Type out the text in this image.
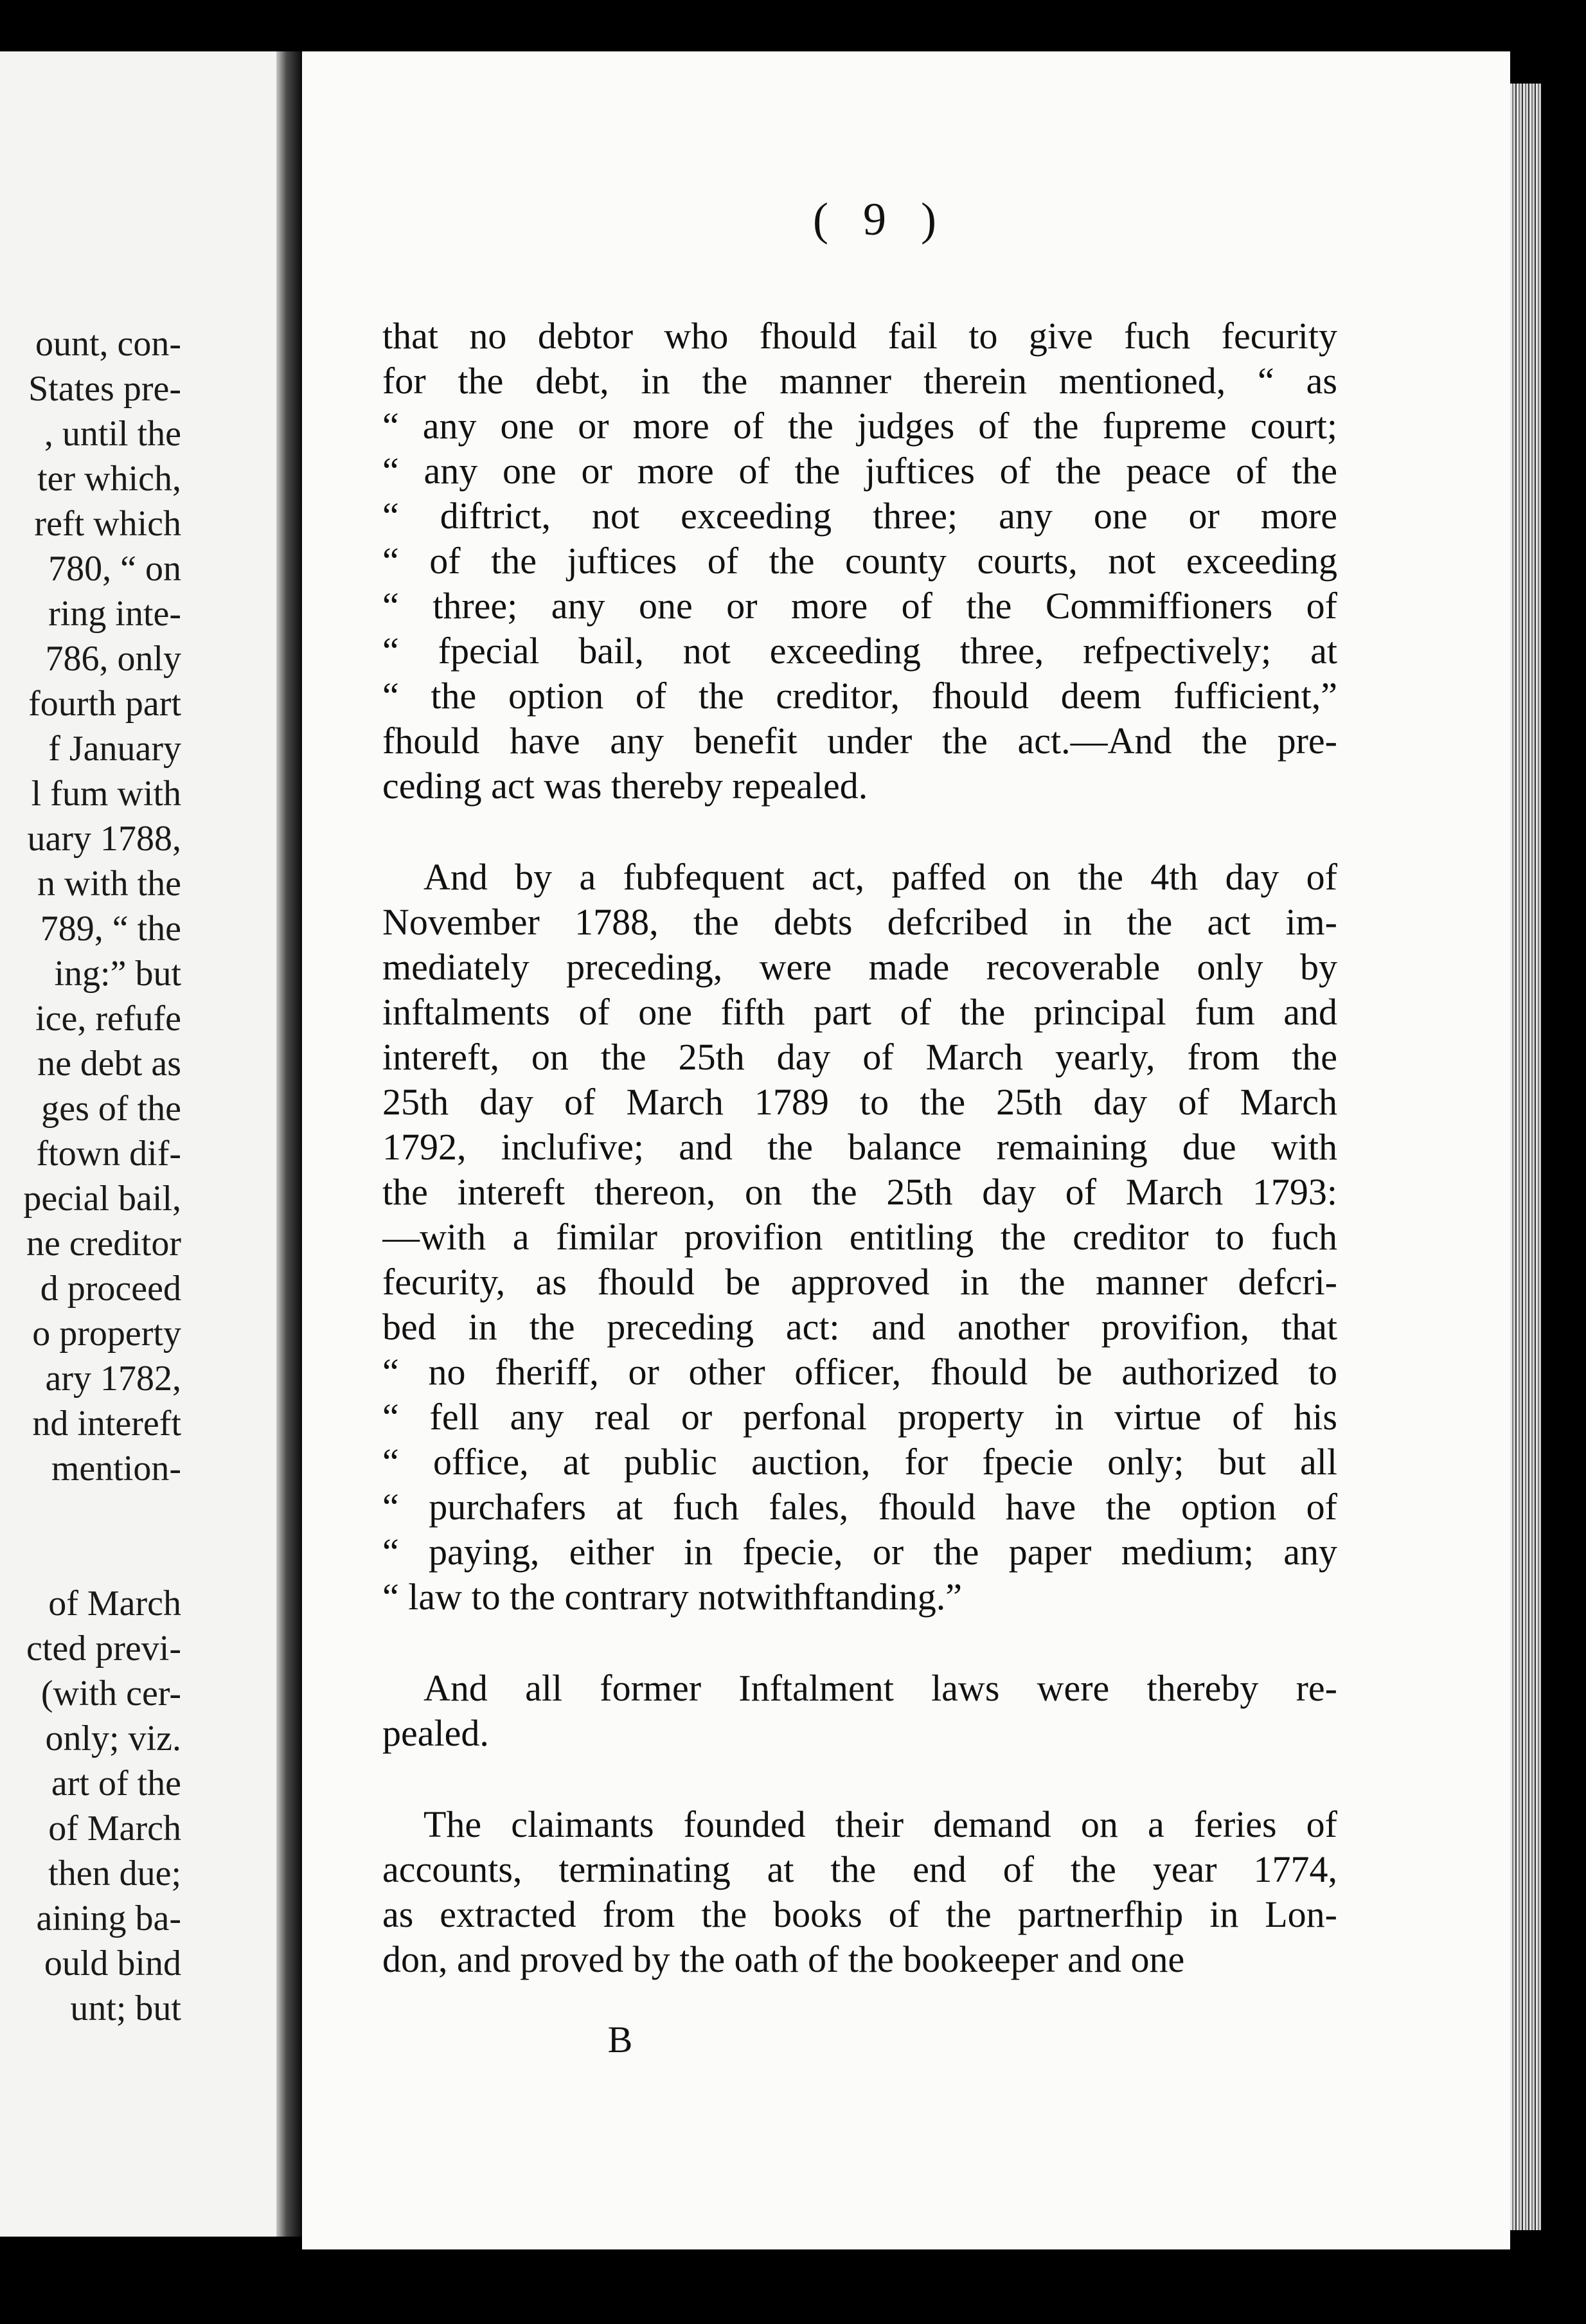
ount, con-
States pre-
, until the
ter which,
reft which
780, “ on
ring inte-
786, only
fourth part
f January
l fum with
uary 1788,
n with the
789, “ the
ing:” but
ice, refufe
ne debt as
ges of the
ftown dif-
pecial bail,
ne creditor
d proceed
o property
ary 1782,
nd intereft
mention-
of March
cted previ-
(with cer-
only; viz.
art of the
of March
then due;
aining ba-
ould bind
unt; but
( 9 )
that no debtor who fhould fail to give fuch fecurity
for the debt, in the manner therein mentioned, “ as
“ any one or more of the judges of the fupreme court;
“ any one or more of the juftices of the peace of the
“ diftrict, not exceeding three; any one or more
“ of the juftices of the county courts, not exceeding
“ three; any one or more of the Commiffioners of
“ fpecial bail, not exceeding three, refpectively; at
“ the option of the creditor, fhould deem fufficient,”
fhould have any benefit under the act.—And the pre-
ceding act was thereby repealed.
And by a fubfequent act, paffed on the 4th day of
November 1788, the debts defcribed in the act im-
mediately preceding, were made recoverable only by
inftalments of one fifth part of the principal fum and
intereft, on the 25th day of March yearly, from the
25th day of March 1789 to the 25th day of March
1792, inclufive; and the balance remaining due with
the intereft thereon, on the 25th day of March 1793:
—with a fimilar provifion entitling the creditor to fuch
fecurity, as fhould be approved in the manner defcri-
bed in the preceding act: and another provifion, that
“ no fheriff, or other officer, fhould be authorized to
“ fell any real or perfonal property in virtue of his
“ office, at public auction, for fpecie only; but all
“ purchafers at fuch fales, fhould have the option of
“ paying, either in fpecie, or the paper medium; any
“ law to the contrary notwithftanding.”
And all former Inftalment laws were thereby re-
pealed.
The claimants founded their demand on a feries of
accounts, terminating at the end of the year 1774,
as extracted from the books of the partnerfhip in Lon-
don, and proved by the oath of the bookeeper and one
B
